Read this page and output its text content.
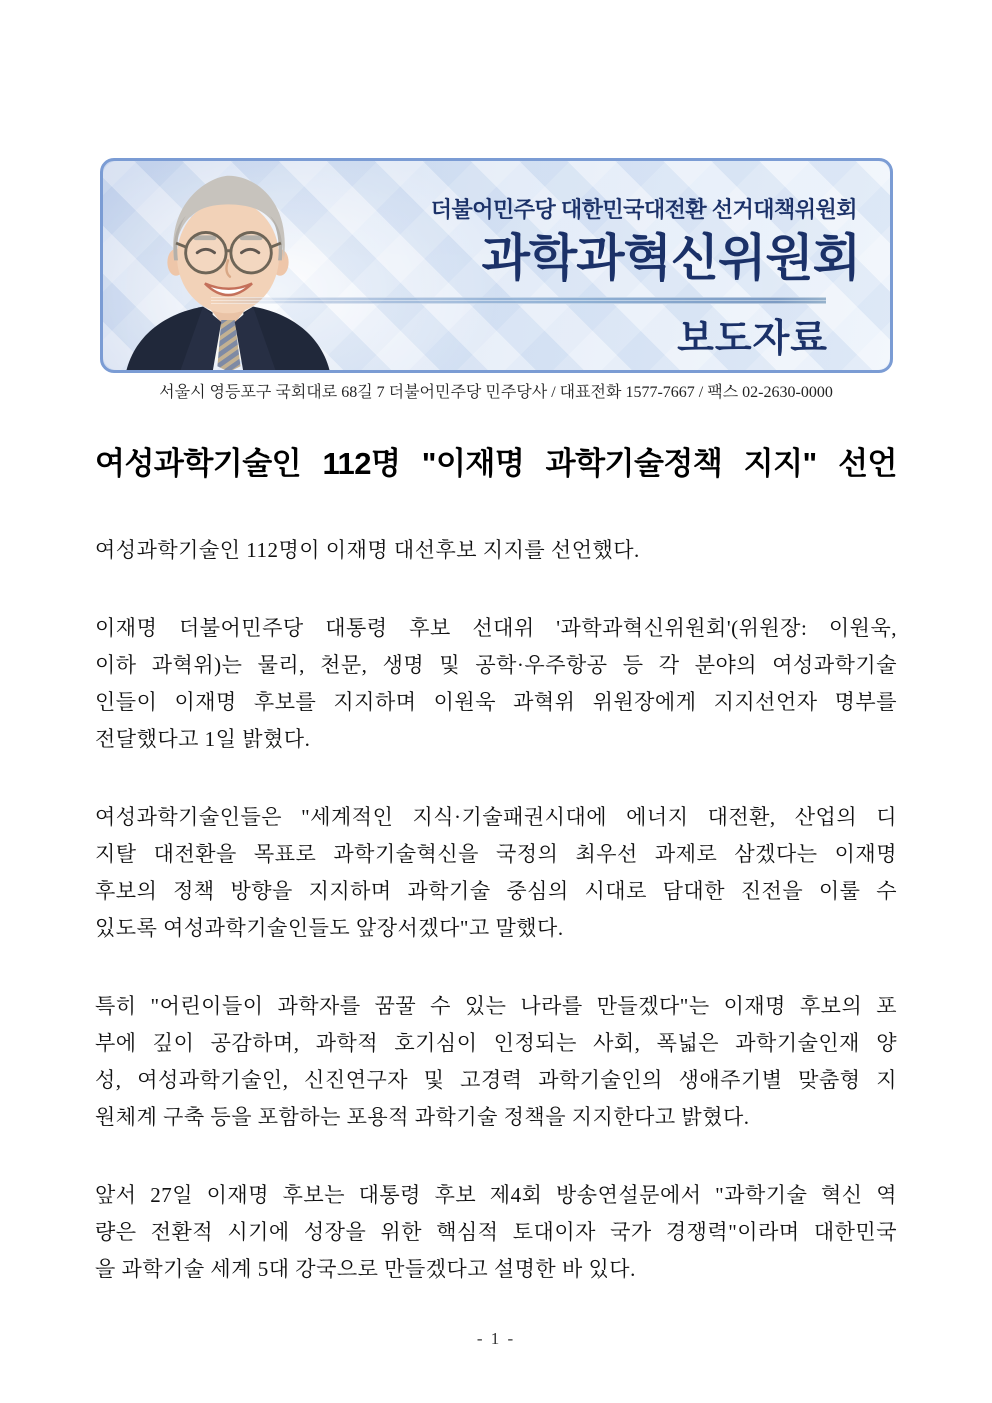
더불어민주당 대한민국대전환 선거대책위원회
과학과혁신위원회
보도자료
서울시 영등포구 국회대로 68길 7 더불어민주당 민주당사 / 대표전화 1577-7667 / 팩스 02-2630-0000
여성과학기술인 112명 "이재명 과학기술정책 지지" 선언
여성과학기술인 112명이 이재명 대선후보 지지를 선언했다.
이재명 더불어민주당 대통령 후보 선대위 '과학과혁신위원회'(위원장: 이원욱,
이하 과혁위)는 물리, 천문, 생명 및 공학·우주항공 등 각 분야의 여성과학기술
인들이 이재명 후보를 지지하며 이원욱 과혁위 위원장에게 지지선언자 명부를
전달했다고 1일 밝혔다.
여성과학기술인들은 "세계적인 지식·기술패권시대에 에너지 대전환, 산업의 디
지탈 대전환을 목표로 과학기술혁신을 국정의 최우선 과제로 삼겠다는 이재명
후보의 정책 방향을 지지하며 과학기술 중심의 시대로 담대한 진전을 이룰 수
있도록 여성과학기술인들도 앞장서겠다"고 말했다.
특히 "어린이들이 과학자를 꿈꿀 수 있는 나라를 만들겠다"는 이재명 후보의 포
부에 깊이 공감하며, 과학적 호기심이 인정되는 사회, 폭넓은 과학기술인재 양
성, 여성과학기술인, 신진연구자 및 고경력 과학기술인의 생애주기별 맞춤형 지
원체계 구축 등을 포함하는 포용적 과학기술 정책을 지지한다고 밝혔다.
앞서 27일 이재명 후보는 대통령 후보 제4회 방송연설문에서 "과학기술 혁신 역
량은 전환적 시기에 성장을 위한 핵심적 토대이자 국가 경쟁력"이라며 대한민국
을 과학기술 세계 5대 강국으로 만들겠다고 설명한 바 있다.
- 1 -
